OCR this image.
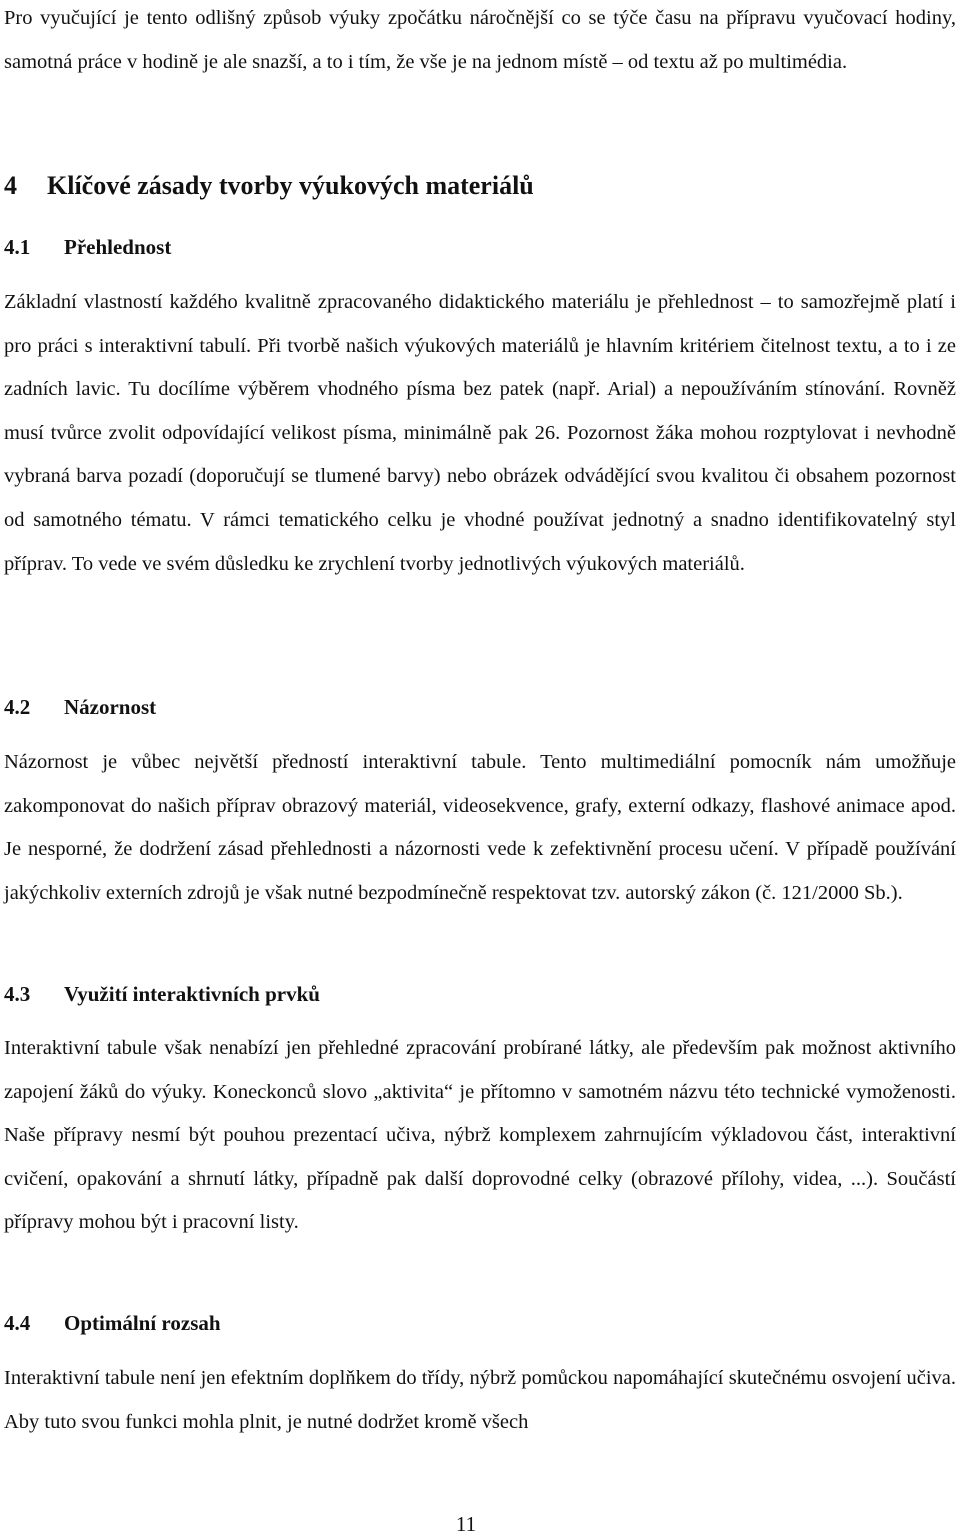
Pro vyučující je tento odlišný způsob výuky zpočátku náročnější co se týče času na přípravu vyučovací hodiny, samotná práce v hodině je ale snazší, a to i tím, že vše je na jednom místě – od textu až po multimédia.

4 Klíčové zásady tvorby výukových materiálů
4.1 Přehlednost

Základní vlastností každého kvalitně zpracovaného didaktického materiálu je přehlednost – to samozřejmě platí i pro práci s interaktivní tabulí. Při tvorbě našich výukových materiálů je hlavním kritériem čitelnost textu, a to i ze zadních lavic. Tu docílíme výběrem vhodného písma bez patek (např. Arial) a nepoužíváním stínování. Rovněž musí tvůrce zvolit odpovídající velikost písma, minimálně pak 26. Pozornost žáka mohou rozptylovat i nevhodně vybraná barva pozadí (doporučují se tlumené barvy) nebo obrázek odvádějící svou kvalitou či obsahem pozornost od samotného tématu. V rámci tematického celku je vhodné používat jednotný a snadno identifikovatelný styl příprav. To vede ve svém důsledku ke zrychlení tvorby jednotlivých výukových materiálů.

4.2 Názornost

Názornost je vůbec největší předností interaktivní tabule. Tento multimediální pomocník nám umožňuje zakomponovat do našich příprav obrazový materiál, videosekvence, grafy, externí odkazy, flashové animace apod. Je nesporné, že dodržení zásad přehlednosti a názornosti vede k zefektivnění procesu učení. V případě používání jakýchkoliv externích zdrojů je však nutné bezpodmínečně respektovat tzv. autorský zákon (č. 121/2000 Sb.).

4.3 Využití interaktivních prvků

Interaktivní tabule však nenabízí jen přehledné zpracování probírané látky, ale především pak možnost aktivního zapojení žáků do výuky. Koneckonců slovo „aktivita“ je přítomno v samotném názvu této technické vymoženosti. Naše přípravy nesmí být pouhou prezentací učiva, nýbrž komplexem zahrnujícím výkladovou část, interaktivní cvičení, opakování a shrnutí látky, případně pak další doprovodné celky (obrazové přílohy, videa, ...). Součástí přípravy mohou být i pracovní listy.

4.4 Optimální rozsah

Interaktivní tabule není jen efektním doplňkem do třídy, nýbrž pomůckou napomáhající skutečnému osvojení učiva. Aby tuto svou funkci mohla plnit, je nutné dodržet kromě všech

11
